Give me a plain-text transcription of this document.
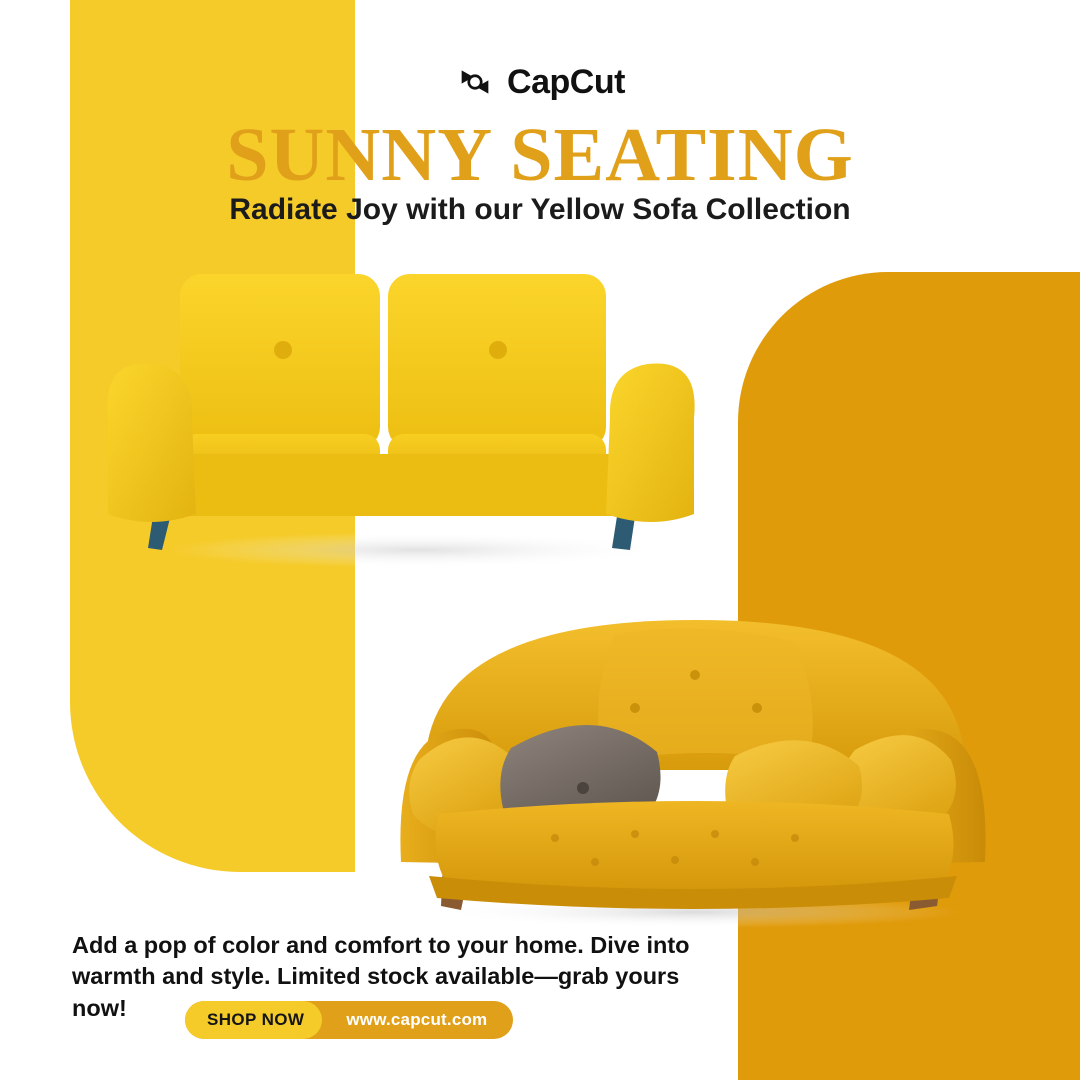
CapCut
SUNNY SEATING
Radiate Joy with our Yellow Sofa Collection
Add a pop of color and comfort to your home. Dive into
warmth and style. Limited stock available—grab yours now!	SHOP NOW	www.capcut.com
